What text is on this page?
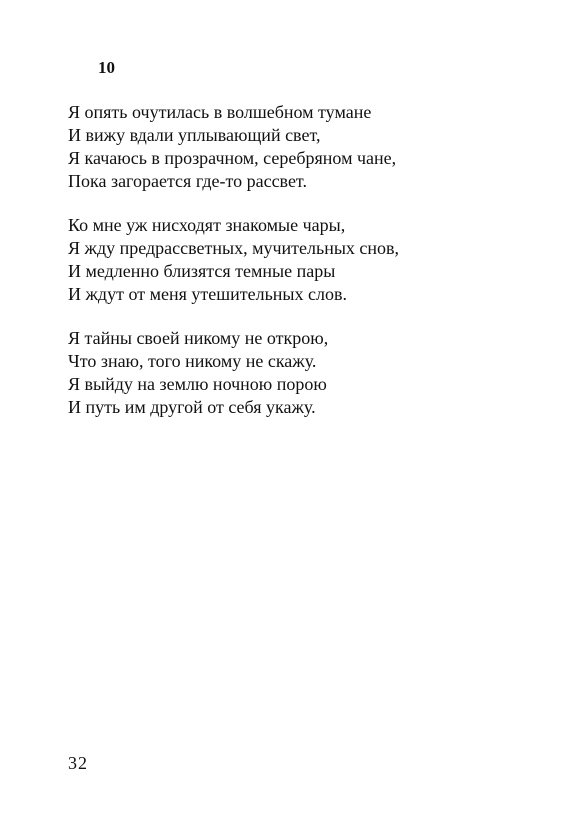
10
Я опять очутилась в волшебном тумане
И вижу вдали уплывающий свет,
Я качаюсь в прозрачном, серебряном чане,
Пока загорается где-то рассвет.
Ко мне уж нисходят знакомые чары,
Я жду предрассветных, мучительных снов,
И медленно близятся темные пары
И ждут от меня утешительных слов.
Я тайны своей никому не открою,
Что знаю, того никому не скажу.
Я выйду на землю ночною порою
И путь им другой от себя укажу.
32
